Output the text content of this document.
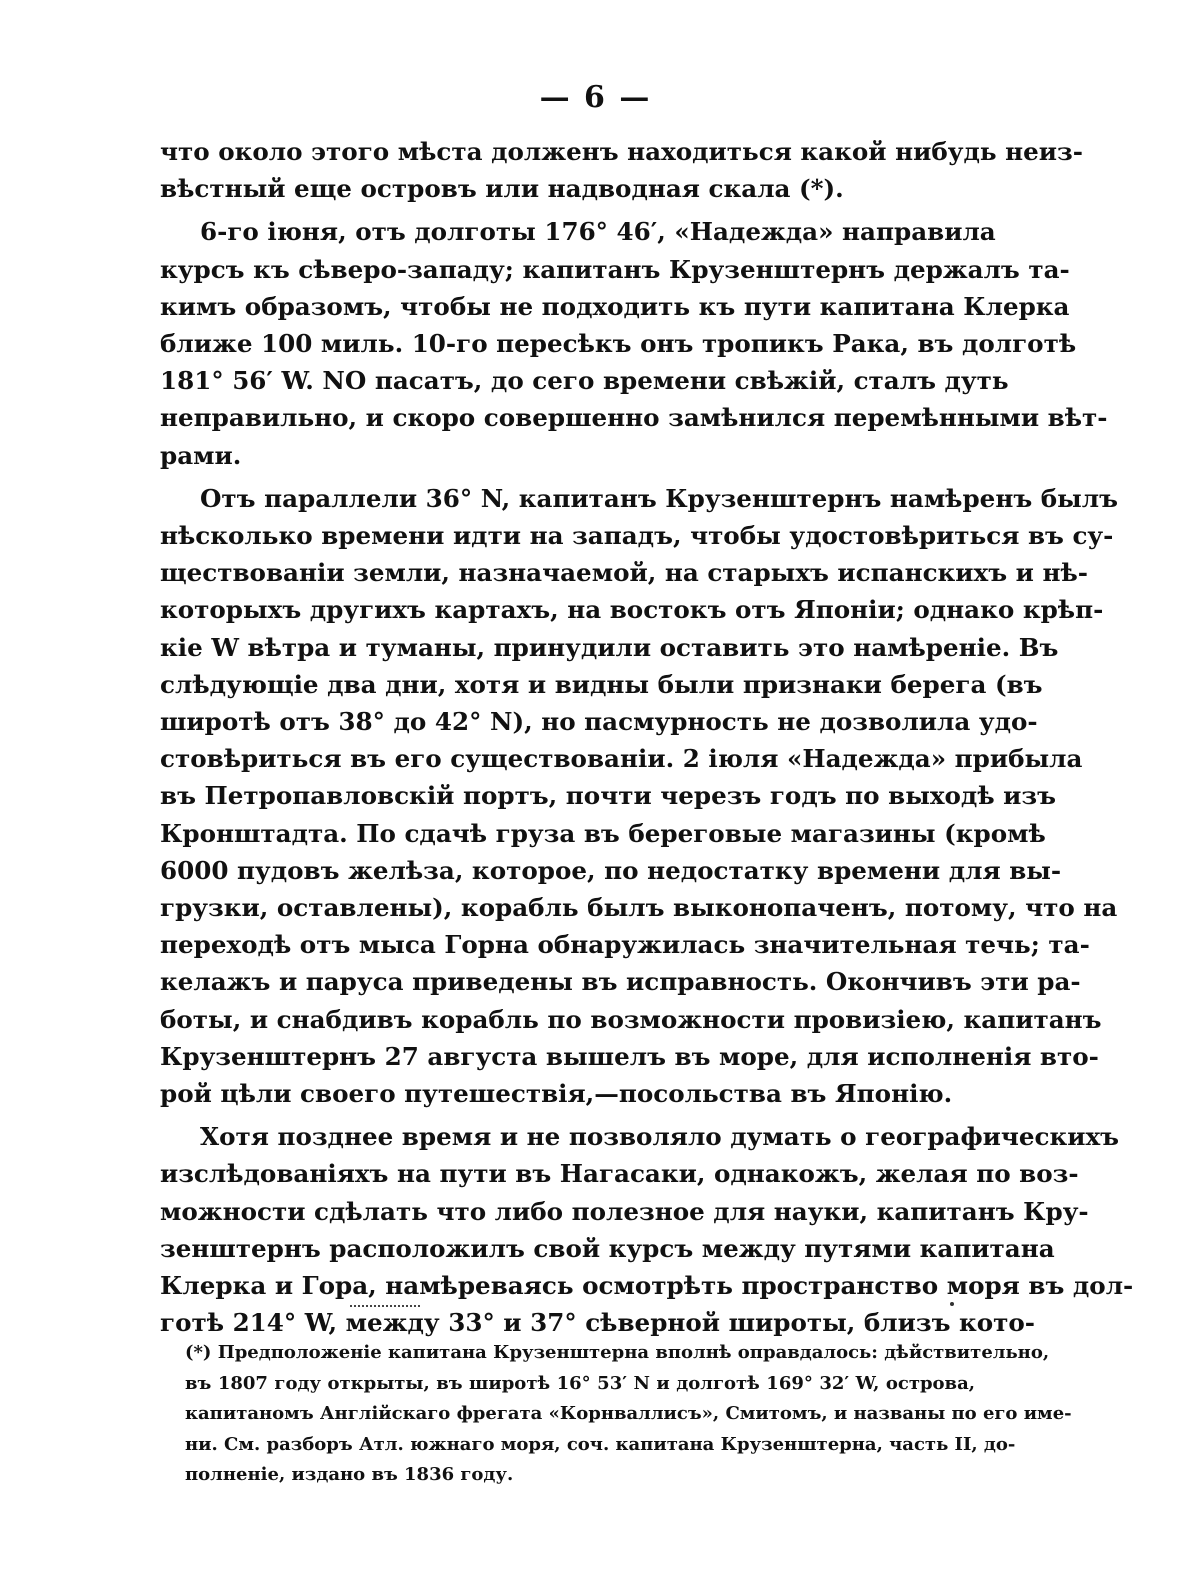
— 6 —
что около этого мѣста долженъ находиться какой нибудь неиз-
вѣстный еще островъ или надводная скала (*).
6-го іюня, отъ долготы 176° 46′, «Надежда» направила
курсъ къ сѣверо-западу; капитанъ Крузенштернъ держалъ та-
кимъ образомъ, чтобы не подходить къ пути капитана Клерка
ближе 100 миль. 10-го пересѣкъ онъ тропикъ Рака, въ долготѣ
181° 56′ W. NO пасатъ, до сего времени свѣжій, сталъ дуть
неправильно, и скоро совершенно замѣнился перемѣнными вѣт-
рами.
Отъ параллели 36° N, капитанъ Крузенштернъ намѣренъ былъ
нѣсколько времени идти на западъ, чтобы удостовѣриться въ су-
ществованіи земли, назначаемой, на старыхъ испанскихъ и нѣ-
которыхъ другихъ картахъ, на востокъ отъ Японіи; однако крѣп-
кіе W вѣтра и туманы, принудили оставить это намѣреніе. Въ
слѣдующіе два дни, хотя и видны были признаки берега (въ
широтѣ отъ 38° до 42° N), но пасмурность не дозволила удо-
стовѣриться въ его существованіи. 2 іюля «Надежда» прибыла
въ Петропавловскій портъ, почти черезъ годъ по выходѣ изъ
Кронштадта. По сдачѣ груза въ береговые магазины (кромѣ
6000 пудовъ желѣза, которое, по недостатку времени для вы-
грузки, оставлены), корабль былъ выконопаченъ, потому, что на
переходѣ отъ мыса Горна обнаружилась значительная течь; та-
келажъ и паруса приведены въ исправность. Окончивъ эти ра-
боты, и снабдивъ корабль по возможности провизіею, капитанъ
Крузенштернъ 27 августа вышелъ въ море, для исполненія вто-
рой цѣли своего путешествія,—посольства въ Японію.
Хотя позднее время и не позволяло думать о географическихъ
изслѣдованіяхъ на пути въ Нагасаки, однакожъ, желая по воз-
можности сдѣлать что либо полезное для науки, капитанъ Кру-
зенштернъ расположилъ свой курсъ между путями капитана
Клерка и Гора, намѣреваясь осмотрѣть пространство моря въ дол-
готѣ 214° W, между 33° и 37° сѣверной широты, близъ кото-
(*) Предположеніе капитана Крузенштерна вполнѣ оправдалось: дѣйствительно,
въ 1807 году открыты, въ широтѣ 16° 53′ N и долготѣ 169° 32′ W, острова,
капитаномъ Англійскаго фрегата «Корнваллисъ», Смитомъ, и названы по его име-
ни. См. разборъ Атл. южнаго моря, соч. капитана Крузенштерна, часть II, до-
полненіе, издано въ 1836 году.
